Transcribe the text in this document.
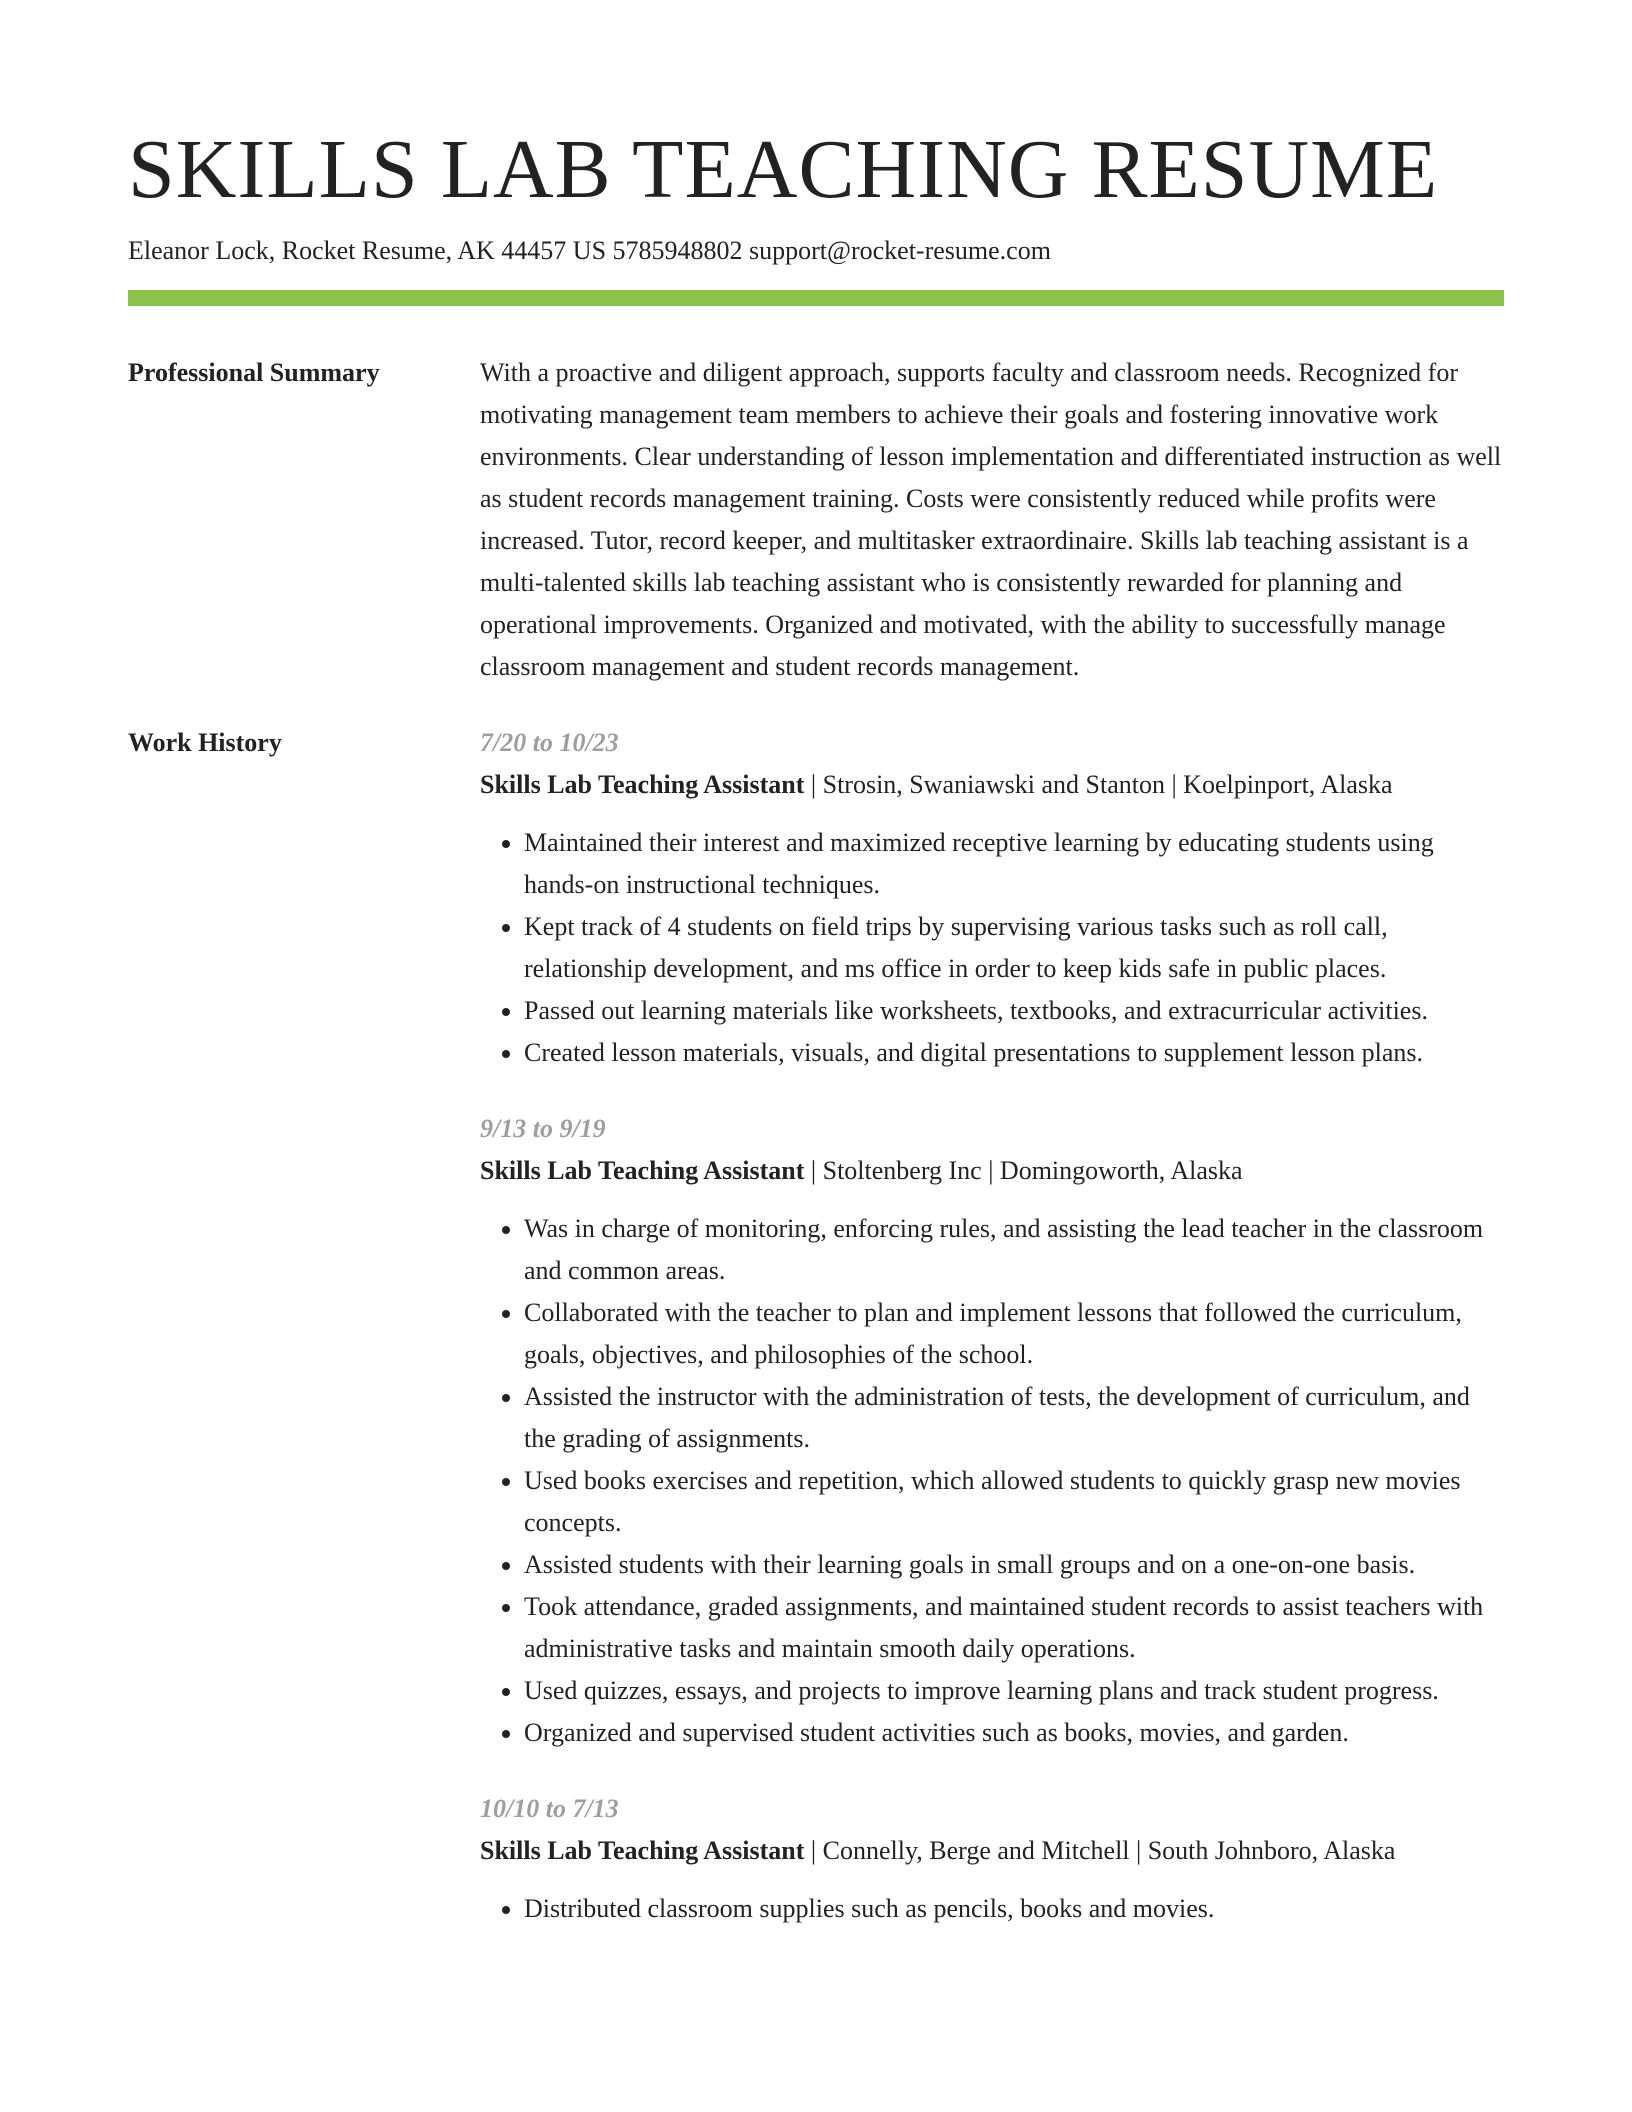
SKILLS LAB TEACHING RESUME
Eleanor Lock, Rocket Resume, AK 44457 US 5785948802 support@rocket-resume.com
Professional Summary	With a proactive and diligent approach, supports faculty and classroom needs. Recognized for motivating management team members to achieve their goals and fostering innovative work environments. Clear understanding of lesson implementation and differentiated instruction as well as student records management training. Costs were consistently reduced while profits were increased. Tutor, record keeper, and multitasker extraordinaire. Skills lab teaching assistant is a multi-talented skills lab teaching assistant who is consistently rewarded for planning and operational improvements. Organized and motivated, with the ability to successfully manage classroom management and student records management.

Work History	7/20 to 10/23
Skills Lab Teaching Assistant | Strosin, Swaniawski and Stanton | Koelpinport, Alaska
• Maintained their interest and maximized receptive learning by educating students using hands-on instructional techniques.
• Kept track of 4 students on field trips by supervising various tasks such as roll call, relationship development, and ms office in order to keep kids safe in public places.
• Passed out learning materials like worksheets, textbooks, and extracurricular activities.
• Created lesson materials, visuals, and digital presentations to supplement lesson plans.
9/13 to 9/19
Skills Lab Teaching Assistant | Stoltenberg Inc | Domingoworth, Alaska
• Was in charge of monitoring, enforcing rules, and assisting the lead teacher in the classroom and common areas.
• Collaborated with the teacher to plan and implement lessons that followed the curriculum, goals, objectives, and philosophies of the school.
• Assisted the instructor with the administration of tests, the development of curriculum, and the grading of assignments.
• Used books exercises and repetition, which allowed students to quickly grasp new movies concepts.
• Assisted students with their learning goals in small groups and on a one-on-one basis.
• Took attendance, graded assignments, and maintained student records to assist teachers with administrative tasks and maintain smooth daily operations.
• Used quizzes, essays, and projects to improve learning plans and track student progress.
• Organized and supervised student activities such as books, movies, and garden.
10/10 to 7/13
Skills Lab Teaching Assistant | Connelly, Berge and Mitchell | South Johnboro, Alaska
• Distributed classroom supplies such as pencils, books and movies.
